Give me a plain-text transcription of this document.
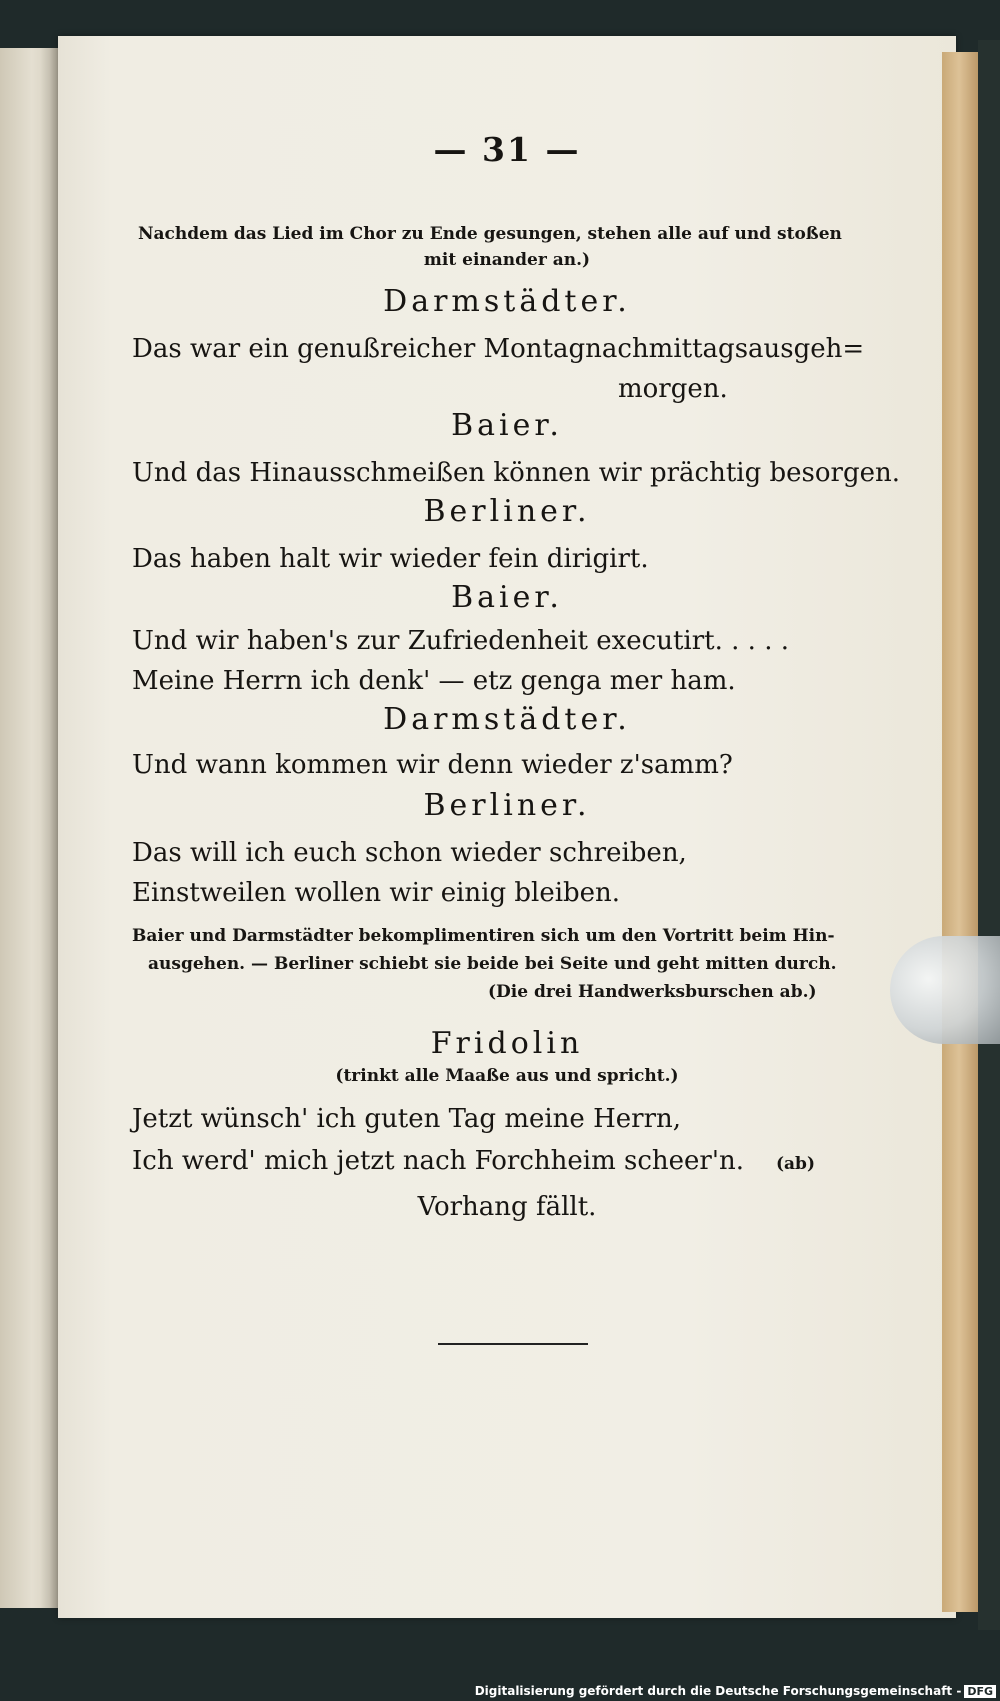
— 31 —
Nachdem das Lied im Chor zu Ende gesungen, stehen alle auf und stoßen
mit einander an.)
Darmstädter.
Das war ein genußreicher Montagnachmittagsausgeh=
morgen.
Baier.
Und das Hinausschmeißen können wir prächtig besorgen.
Berliner.
Das haben halt wir wieder fein dirigirt.
Baier.
Und wir haben's zur Zufriedenheit executirt. . . . .
Meine Herrn ich denk' — etz genga mer ham.
Darmstädter.
Und wann kommen wir denn wieder z'samm?
Berliner.
Das will ich euch schon wieder schreiben,
Einstweilen wollen wir einig bleiben.
Baier und Darmstädter bekomplimentiren sich um den Vortritt beim Hin-
ausgehen. — Berliner schiebt sie beide bei Seite und geht mitten durch.
(Die drei Handwerksburschen ab.)
Fridolin
(trinkt alle Maaße aus und spricht.)
Jetzt wünsch' ich guten Tag meine Herrn,
Ich werd' mich jetzt nach Forchheim scheer'n. (ab)
Vorhang fällt.
Digitalisierung gefördert durch die Deutsche Forschungsgemeinschaft - DFG
